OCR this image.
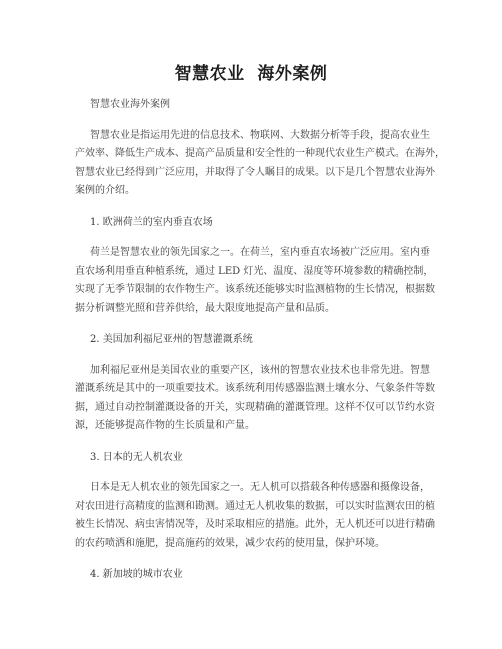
智慧农业  海外案例

智慧农业海外案例

智慧农业是指运用先进的信息技术、物联网、大数据分析等手段，提高农业生
产效率、降低生产成本、提高产品质量和安全性的一种现代农业生产模式。在海外，
智慧农业已经得到广泛应用，并取得了令人瞩目的成果。以下是几个智慧农业海外
案例的介绍。

1. 欧洲荷兰的室内垂直农场

荷兰是智慧农业的领先国家之一。在荷兰，室内垂直农场被广泛应用。室内垂
直农场利用垂直种植系统，通过 LED 灯光、温度、湿度等环境参数的精确控制，
实现了无季节限制的农作物生产。该系统还能够实时监测植物的生长情况，根据数
据分析调整光照和营养供给，最大限度地提高产量和品质。

2. 美国加利福尼亚州的智慧灌溉系统

加利福尼亚州是美国农业的重要产区，该州的智慧农业技术也非常先进。智慧
灌溉系统是其中的一项重要技术。该系统利用传感器监测土壤水分、气象条件等数
据，通过自动控制灌溉设备的开关，实现精确的灌溉管理。这样不仅可以节约水资
源，还能够提高作物的生长质量和产量。

3. 日本的无人机农业

日本是无人机农业的领先国家之一。无人机可以搭载各种传感器和摄像设备，
对农田进行高精度的监测和勘测。通过无人机收集的数据，可以实时监测农田的植
被生长情况、病虫害情况等，及时采取相应的措施。此外，无人机还可以进行精确
的农药喷洒和施肥，提高施药的效果，减少农药的使用量，保护环境。

4. 新加坡的城市农业
